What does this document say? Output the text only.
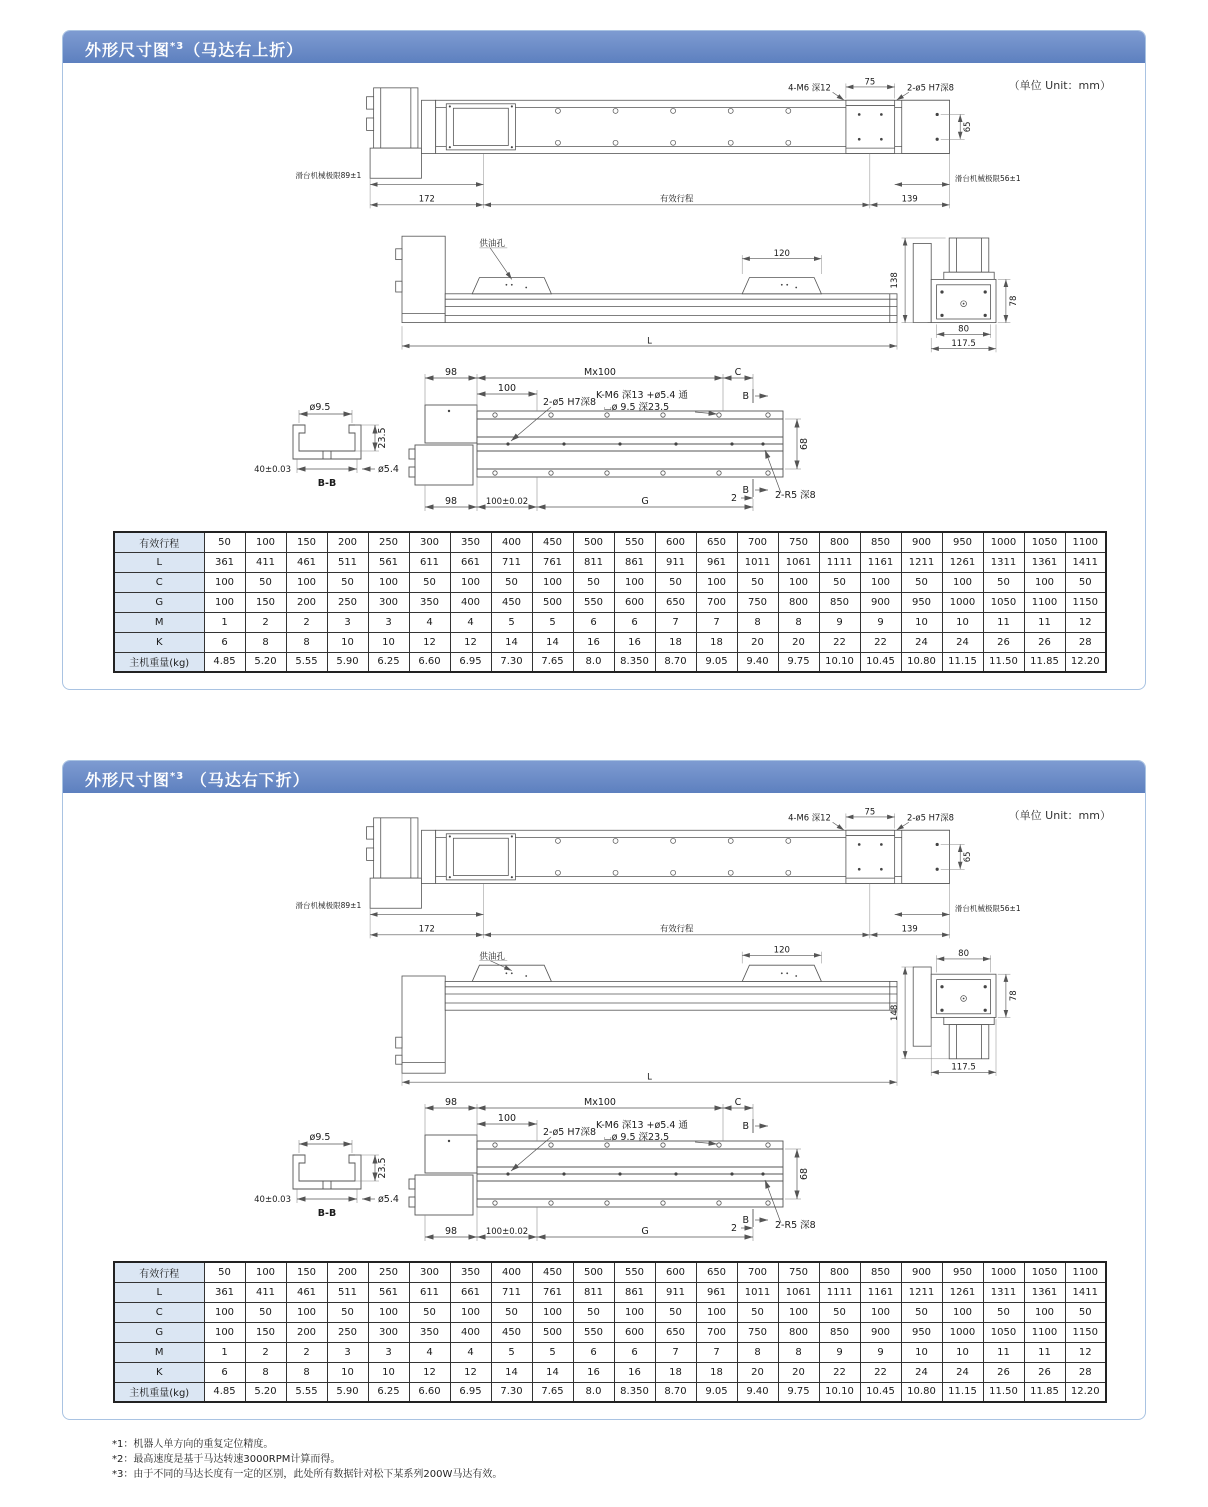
外形尺寸图$^{*3}$（马达右上折）
（单位 Unit：mm）
75
4-M6 深12	2-ø5 H7深8
65
滑台机械极限89±1
172	有效行程	139
滑台机械极限56±1
供油孔
120
L
138
78
80
117.5
ø9.5
23.5
40±0.03	ø5.4
B-B
98	Mx100	C
100
2-ø5 H7深8
K-M6 深13 +ø5.4 通
⌴ø 9.5 深23.5
B
B
68
98	100±0.02	G	2	2-R5 深8
有效行程	50	100	150	200	250	300	350	400	450	500	550	600	650	700	750	800	850	900	950	1000	1050	1100
L	361	411	461	511	561	611	661	711	761	811	861	911	961	1011	1061	1111	1161	1211	1261	1311	1361	1411
C	100	50	100	50	100	50	100	50	100	50	100	50	100	50	100	50	100	50	100	50	100	50
G	100	150	200	250	300	350	400	450	500	550	600	650	700	750	800	850	900	950	1000	1050	1100	1150
M	1	2	2	3	3	4	4	5	5	6	6	7	7	8	8	9	9	10	10	11	11	12
K	6	8	8	10	10	12	12	14	14	16	16	18	18	20	20	22	22	24	24	26	26	28
主机重量(kg)	4.85	5.20	5.55	5.90	6.25	6.60	6.95	7.30	7.65	8.0	8.350	8.70	9.05	9.40	9.75	10.10	10.45	10.80	11.15	11.50	11.85	12.20
外形尺寸图$^{*3}$ （马达右下折）
（单位 Unit：mm）
75
4-M6 深12	2-ø5 H7深8
65
滑台机械极限89±1
172	有效行程	139
滑台机械极限56±1
供油孔
120
L
148
78
80
117.5
ø9.5
23.5
40±0.03	ø5.4
B-B
98	Mx100	C
100
2-ø5 H7深8
K-M6 深13 +ø5.4 通
⌴ø 9.5 深23.5
B
B
68
98	100±0.02	G	2	2-R5 深8
有效行程	50	100	150	200	250	300	350	400	450	500	550	600	650	700	750	800	850	900	950	1000	1050	1100
L	361	411	461	511	561	611	661	711	761	811	861	911	961	1011	1061	1111	1161	1211	1261	1311	1361	1411
C	100	50	100	50	100	50	100	50	100	50	100	50	100	50	100	50	100	50	100	50	100	50
G	100	150	200	250	300	350	400	450	500	550	600	650	700	750	800	850	900	950	1000	1050	1100	1150
M	1	2	2	3	3	4	4	5	5	6	6	7	7	8	8	9	9	10	10	11	11	12
K	6	8	8	10	10	12	12	14	14	16	16	18	18	20	20	22	22	24	24	26	26	28
主机重量(kg)	4.85	5.20	5.55	5.90	6.25	6.60	6.95	7.30	7.65	8.0	8.350	8.70	9.05	9.40	9.75	10.10	10.45	10.80	11.15	11.50	11.85	12.20
*1：机器人单方向的重复定位精度。
*2：最高速度是基于马达转速3000RPM计算而得。
*3：由于不同的马达长度有一定的区别，此处所有数据针对松下某系列200W马达有效。
